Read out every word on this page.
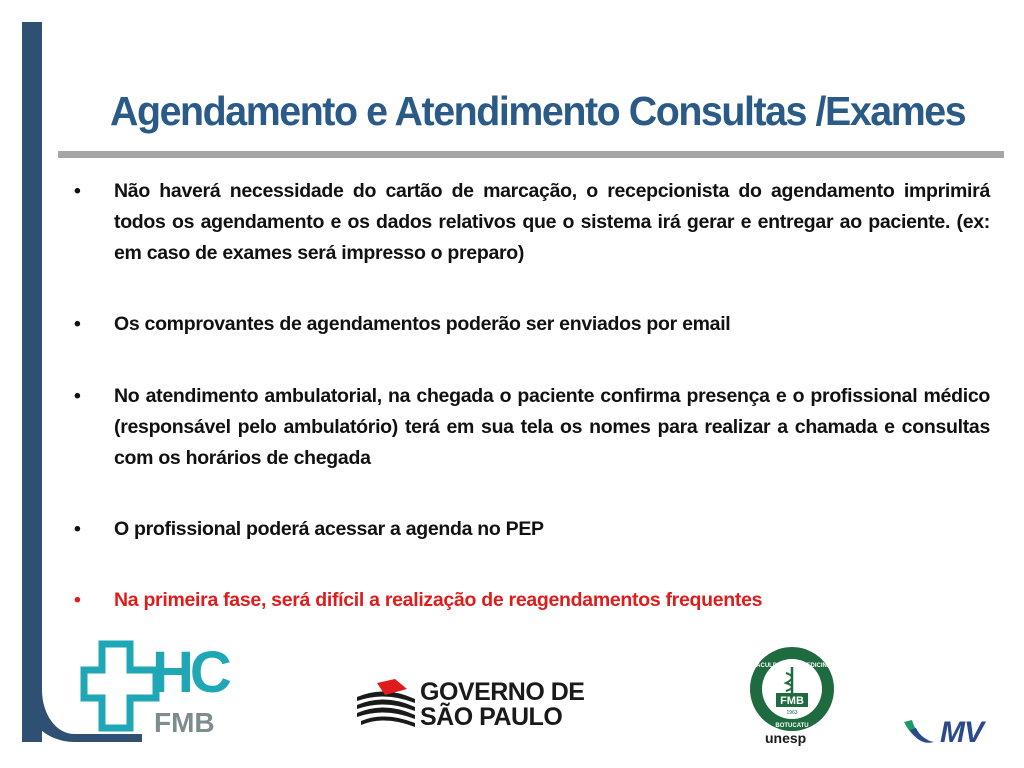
Agendamento e Atendimento Consultas /Exames
• Não haverá necessidade do cartão de marcação, o recepcionista do agendamento imprimirá todos os agendamento e os dados relativos que o sistema irá gerar e entregar ao paciente. (ex: em caso de exames será impresso o preparo)
• Os comprovantes de agendamentos poderão ser enviados por email
• No atendimento ambulatorial, na chegada o paciente confirma presença e o profissional médico (responsável pelo ambulatório) terá em sua tela os nomes para realizar a chamada e consultas com os horários de chegada
• O profissional poderá acessar a agenda no PEP
• Na primeira fase, será difícil a realização de reagendamentos frequentes
HC
FMB
GOVERNO DE
SÃO PAULO
FACULDADE DE MEDICINA
FMB
1963
BOTUCATU
unesp	MV
